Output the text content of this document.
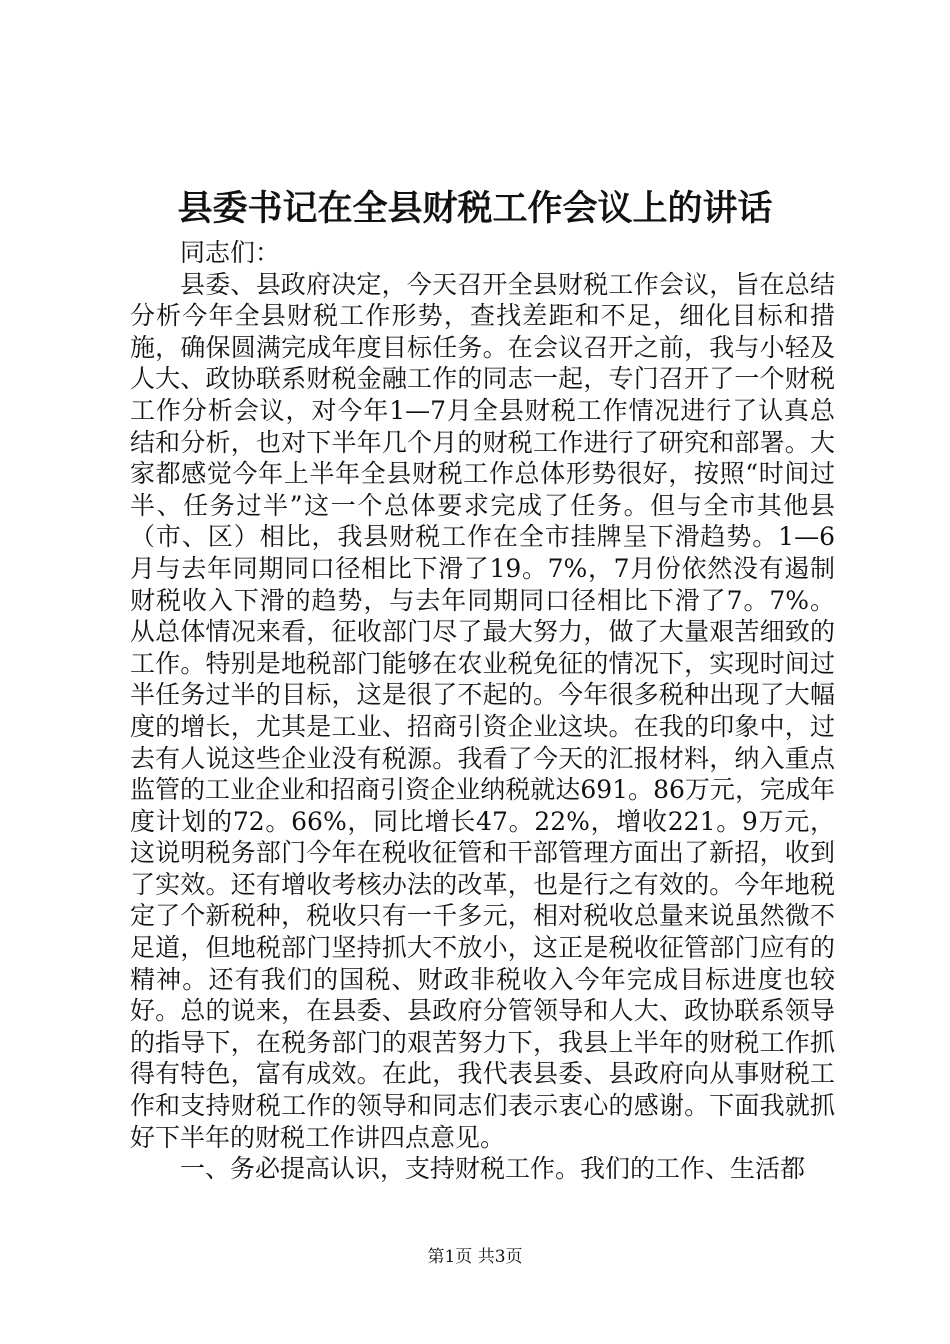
县委书记在全县财税工作会议上的讲话

同志们：

县委、县政府决定，今天召开全县财税工作会议，旨在总结分析今年全县财税工作形势，查找差距和不足，细化目标和措施，确保圆满完成年度目标任务。在会议召开之前，我与小轻及人大、政协联系财税金融工作的同志一起，专门召开了一个财税工作分析会议，对今年1—7月全县财税工作情况进行了认真总结和分析，也对下半年几个月的财税工作进行了研究和部署。大家都感觉今年上半年全县财税工作总体形势很好，按照“时间过半、任务过半”这一个总体要求完成了任务。但与全市其他县（市、区）相比，我县财税工作在全市挂牌呈下滑趋势。1—6月与去年同期同口径相比下滑了19。7%，7月份依然没有遏制财税收入下滑的趋势，与去年同期同口径相比下滑了7。7%。从总体情况来看，征收部门尽了最大努力，做了大量艰苦细致的工作。特别是地税部门能够在农业税免征的情况下，实现时间过半任务过半的目标，这是很了不起的。今年很多税种出现了大幅度的增长，尤其是工业、招商引资企业这块。在我的印象中，过去有人说这些企业没有税源。我看了今天的汇报材料，纳入重点监管的工业企业和招商引资企业纳税就达691。86万元，完成年度计划的72。66%，同比增长47。22%，增收221。9万元，这说明税务部门今年在税收征管和干部管理方面出了新招，收到了实效。还有增收考核办法的改革，也是行之有效的。今年地税定了个新税种，税收只有一千多元，相对税收总量来说虽然微不足道，但地税部门坚持抓大不放小，这正是税收征管部门应有的精神。还有我们的国税、财政非税收入今年完成目标进度也较好。总的说来，在县委、县政府分管领导和人大、政协联系领导的指导下，在税务部门的艰苦努力下，我县上半年的财税工作抓得有特色，富有成效。在此，我代表县委、县政府向从事财税工作和支持财税工作的领导和同志们表示衷心的感谢。下面我就抓好下半年的财税工作讲四点意见。

一、务必提高认识，支持财税工作。我们的工作、生活都

第1页 共3页
